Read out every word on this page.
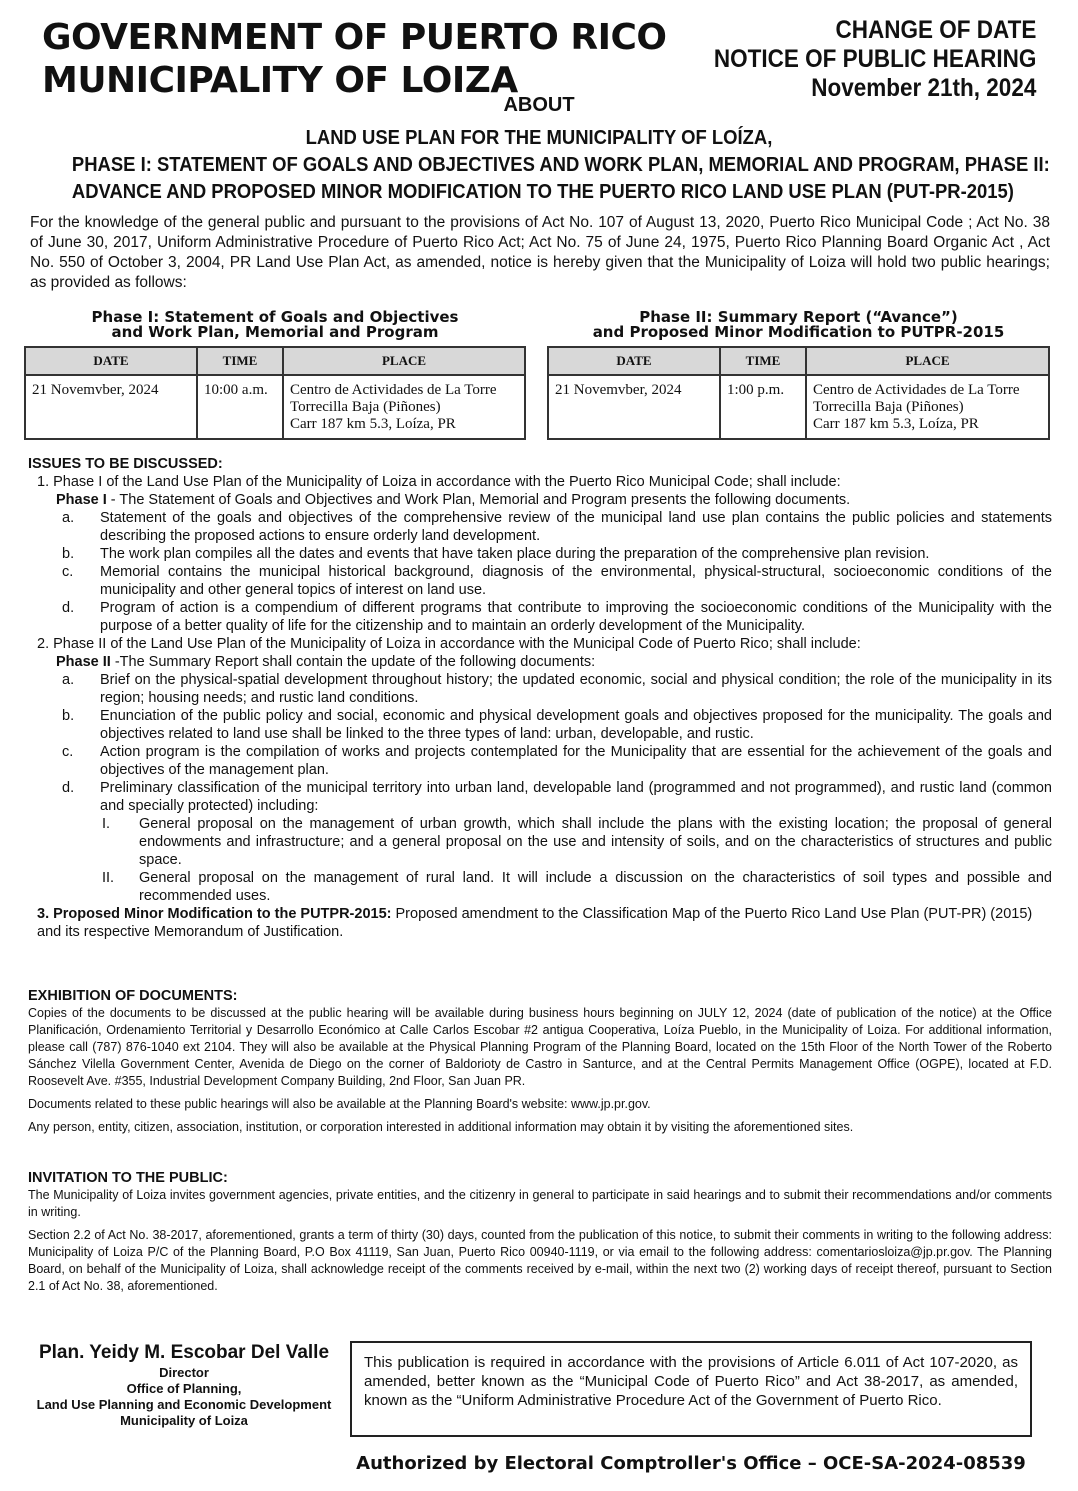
GOVERNMENT OF PUERTO RICO
MUNICIPALITY OF LOIZA
CHANGE OF DATE
NOTICE OF PUBLIC HEARING
November 21th, 2024
ABOUT
LAND USE PLAN FOR THE MUNICIPALITY OF LOÍZA,
PHASE I: STATEMENT OF GOALS AND OBJECTIVES AND WORK PLAN, MEMORIAL AND PROGRAM, PHASE II:
ADVANCE AND PROPOSED MINOR MODIFICATION TO THE PUERTO RICO LAND USE PLAN (PUT-PR-2015)
For the knowledge of the general public and pursuant to the provisions of Act No. 107 of August 13, 2020, Puerto Rico Municipal Code ; Act No. 38 of June 30, 2017, Uniform Administrative Procedure of Puerto Rico Act; Act No. 75 of June 24, 1975, Puerto Rico Planning Board Organic Act , Act No. 550 of October 3, 2004, PR Land Use Plan Act, as amended, notice is hereby given that the Municipality of Loiza will hold two public hearings; as provided as follows:
Phase I: Statement of Goals and Objectives
and Work Plan, Memorial and Program
Phase II: Summary Report (“Avance”)
and Proposed Minor Modification to PUTPR-2015
DATE	TIME	PLACE
21 Novemvber, 2024	10:00 a.m.	Centro de Actividades de La Torre
Torrecilla Baja (Piñones)
Carr 187 km 5.3, Loíza, PR
DATE	TIME	PLACE
21 Novemvber, 2024	1:00 p.m.	Centro de Actividades de La Torre
Torrecilla Baja (Piñones)
Carr 187 km 5.3, Loíza, PR
ISSUES TO BE DISCUSSED:
1. Phase I of the Land Use Plan of the Municipality of Loiza in accordance with the Puerto Rico Municipal Code; shall include:
Phase I - The Statement of Goals and Objectives and Work Plan, Memorial and Program presents the following documents.
a. Statement of the goals and objectives of the comprehensive review of the municipal land use plan contains the public policies and statements describing the proposed actions to ensure orderly land development.
b. The work plan compiles all the dates and events that have taken place during the preparation of the comprehensive plan revision.
c. Memorial contains the municipal historical background, diagnosis of the environmental, physical-structural, socioeconomic conditions of the municipality and other general topics of interest on land use.
d. Program of action is a compendium of different programs that contribute to improving the socioeconomic conditions of the Municipality with the purpose of a better quality of life for the citizenship and to maintain an orderly development of the Municipality.
2. Phase II of the Land Use Plan of the Municipality of Loiza in accordance with the Municipal Code of Puerto Rico; shall include:
Phase II -The Summary Report shall contain the update of the following documents:
a. Brief on the physical-spatial development throughout history; the updated economic, social and physical condition; the role of the municipality in its region; housing needs; and rustic land conditions.
b. Enunciation of the public policy and social, economic and physical development goals and objectives proposed for the municipality. The goals and objectives related to land use shall be linked to the three types of land: urban, developable, and rustic.
c. Action program is the compilation of works and projects contemplated for the Municipality that are essential for the achievement of the goals and objectives of the management plan.
d. Preliminary classification of the municipal territory into urban land, developable land (programmed and not programmed), and rustic land (common and specially protected) including:
I. General proposal on the management of urban growth, which shall include the plans with the existing location; the proposal of general endowments and infrastructure; and a general proposal on the use and intensity of soils, and on the characteristics of structures and public space.
II. General proposal on the management of rural land. It will include a discussion on the characteristics of soil types and possible and recommended uses.
3. Proposed Minor Modification to the PUTPR-2015: Proposed amendment to the Classification Map of the Puerto Rico Land Use Plan (PUT-PR) (2015) and its respective Memorandum of Justification.
EXHIBITION OF DOCUMENTS:

Copies of the documents to be discussed at the public hearing will be available during business hours beginning on JULY 12, 2024 (date of publication of the notice) at the Office Planificación, Ordenamiento Territorial y Desarrollo Económico at Calle Carlos Escobar #2 antigua Cooperativa, Loíza Pueblo, in the Municipality of Loiza. For additional information, please call (787) 876-1040 ext 2104. They will also be available at the Physical Planning Program of the Planning Board, located on the 15th Floor of the North Tower of the Roberto Sánchez Vilella Government Center, Avenida de Diego on the corner of Baldorioty de Castro in Santurce, and at the Central Permits Management Office (OGPE), located at F.D. Roosevelt Ave. #355, Industrial Development Company Building, 2nd Floor, San Juan PR.

Documents related to these public hearings will also be available at the Planning Board's website: www.jp.pr.gov.

Any person, entity, citizen, association, institution, or corporation interested in additional information may obtain it by visiting the aforementioned sites.

INVITATION TO THE PUBLIC:

The Municipality of Loiza invites government agencies, private entities, and the citizenry in general to participate in said hearings and to submit their recommendations and/or comments in writing.

Section 2.2 of Act No. 38-2017, aforementioned, grants a term of thirty (30) days, counted from the publication of this notice, to submit their comments in writing to the following address: Municipality of Loiza P/C of the Planning Board, P.O Box 41119, San Juan, Puerto Rico 00940-1119, or via email to the following address: comentariosloiza@jp.pr.gov. The Planning Board, on behalf of the Municipality of Loiza, shall acknowledge receipt of the comments received by e-mail, within the next two (2) working days of receipt thereof, pursuant to Section 2.1 of Act No. 38, aforementioned.

Plan. Yeidy M. Escobar Del Valle
Director
Office of Planning,
Land Use Planning and Economic Development
Municipality of Loiza
This publication is required in accordance with the provisions of Article 6.011 of Act 107-2020, as amended, better known as the “Municipal Code of Puerto Rico” and Act 38-2017, as amended, known as the “Uniform Administrative Procedure Act of the Government of Puerto Rico.
Authorized by Electoral Comptroller's Office – OCE-SA-2024-08539
